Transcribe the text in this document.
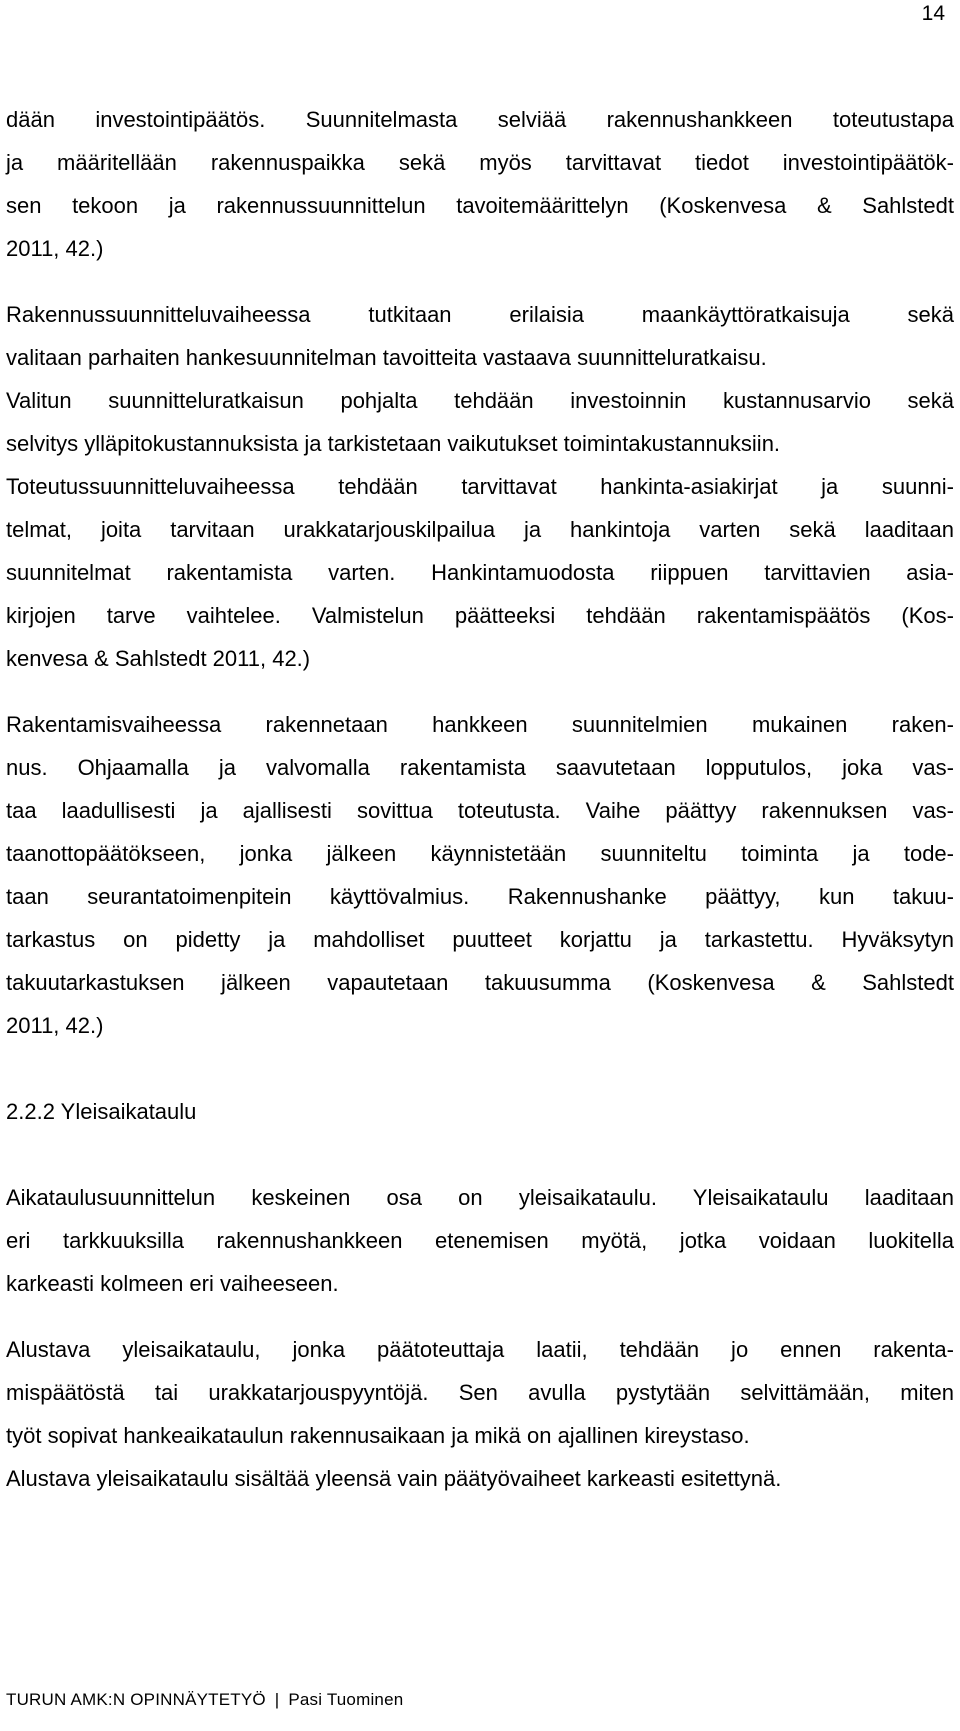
14
dään investointipäätös. Suunnitelmasta selviää rakennushankkeen toteutustapa
ja määritellään rakennuspaikka sekä myös tarvittavat tiedot investointipäätök-
sen tekoon ja rakennussuunnittelun tavoitemäärittelyn (Koskenvesa & Sahlstedt
2011, 42.)
Rakennussuunnitteluvaiheessa tutkitaan erilaisia maankäyttöratkaisuja sekä
valitaan parhaiten hankesuunnitelman tavoitteita vastaava suunnitteluratkaisu.
Valitun suunnitteluratkaisun pohjalta tehdään investoinnin kustannusarvio sekä
selvitys ylläpitokustannuksista ja tarkistetaan vaikutukset toimintakustannuksiin.
Toteutussuunnitteluvaiheessa tehdään tarvittavat hankinta-asiakirjat ja suunni-
telmat, joita tarvitaan urakkatarjouskilpailua ja hankintoja varten sekä laaditaan
suunnitelmat rakentamista varten. Hankintamuodosta riippuen tarvittavien asia-
kirjojen tarve vaihtelee. Valmistelun päätteeksi tehdään rakentamispäätös (Kos-
kenvesa & Sahlstedt 2011, 42.)
Rakentamisvaiheessa rakennetaan hankkeen suunnitelmien mukainen raken-
nus. Ohjaamalla ja valvomalla rakentamista saavutetaan lopputulos, joka vas-
taa laadullisesti ja ajallisesti sovittua toteutusta. Vaihe päättyy rakennuksen vas-
taanottopäätökseen, jonka jälkeen käynnistetään suunniteltu toiminta ja tode-
taan seurantatoimenpitein käyttövalmius. Rakennushanke päättyy, kun takuu-
tarkastus on pidetty ja mahdolliset puutteet korjattu ja tarkastettu. Hyväksytyn
takuutarkastuksen jälkeen vapautetaan takuusumma (Koskenvesa & Sahlstedt
2011, 42.)
2.2.2 Yleisaikataulu
Aikataulusuunnittelun keskeinen osa on yleisaikataulu. Yleisaikataulu laaditaan
eri tarkkuuksilla rakennushankkeen etenemisen myötä, jotka voidaan luokitella
karkeasti kolmeen eri vaiheeseen.
Alustava yleisaikataulu, jonka päätoteuttaja laatii, tehdään jo ennen rakenta-
mispäätöstä tai urakkatarjouspyyntöjä. Sen avulla pystytään selvittämään, miten
työt sopivat hankeaikataulun rakennusaikaan ja mikä on ajallinen kireystaso.
Alustava yleisaikataulu sisältää yleensä vain päätyövaiheet karkeasti esitettynä.
TURUN AMK:N OPINNÄYTETYÖ | Pasi Tuominen
